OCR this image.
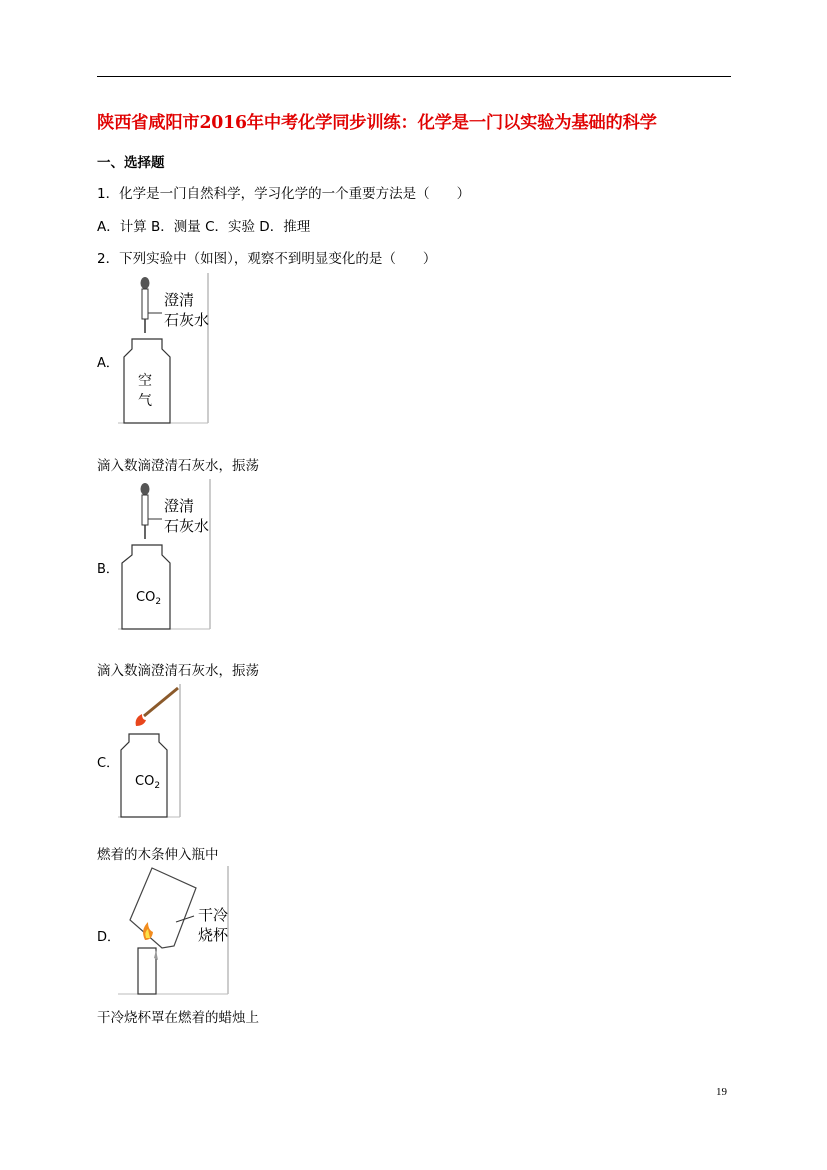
陕西省咸阳市2016年中考化学同步训练：化学是一门以实验为基础的科学
一、选择题
1．化学是一门自然科学，学习化学的一个重要方法是（　　）
A．计算 B．测量 C．实验 D．推理
2．下列实验中（如图），观察不到明显变化的是（　　）
A．
澄清
石灰水
空
气
滴入数滴澄清石灰水，振荡
B．
澄清
石灰水
$CO_2$
滴入数滴澄清石灰水，振荡
C．
$CO_2$
燃着的木条伸入瓶中
D．
干冷
烧杯
干冷烧杯罩在燃着的蜡烛上
19
